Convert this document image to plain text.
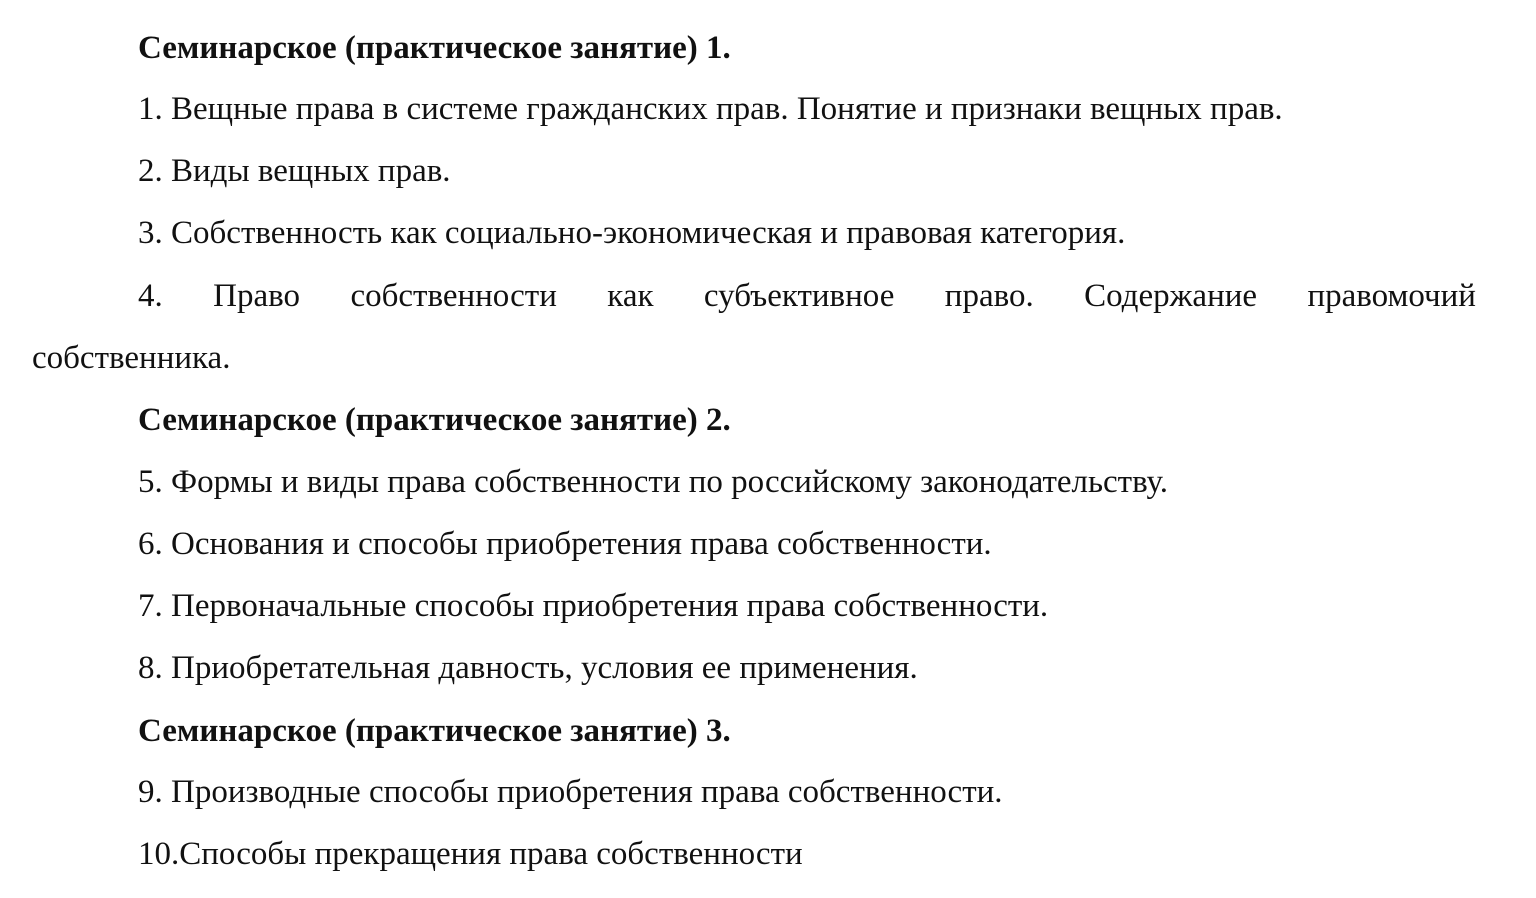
Семинарское (практическое занятие) 1.
1. Вещные права в системе гражданских прав. Понятие и признаки вещных прав.
2. Виды вещных прав.
3. Собственность как социально-экономическая и правовая категория.
4. Право собственности как субъективное право. Содержание правомочий
собственника.
Семинарское (практическое занятие) 2.
5. Формы и виды права собственности по российскому законодательству.
6. Основания и способы приобретения права собственности.
7. Первоначальные способы приобретения права собственности.
8. Приобретательная давность, условия ее применения.
Семинарское (практическое занятие) 3.
9. Производные способы приобретения права собственности.
10.Способы прекращения права собственности
